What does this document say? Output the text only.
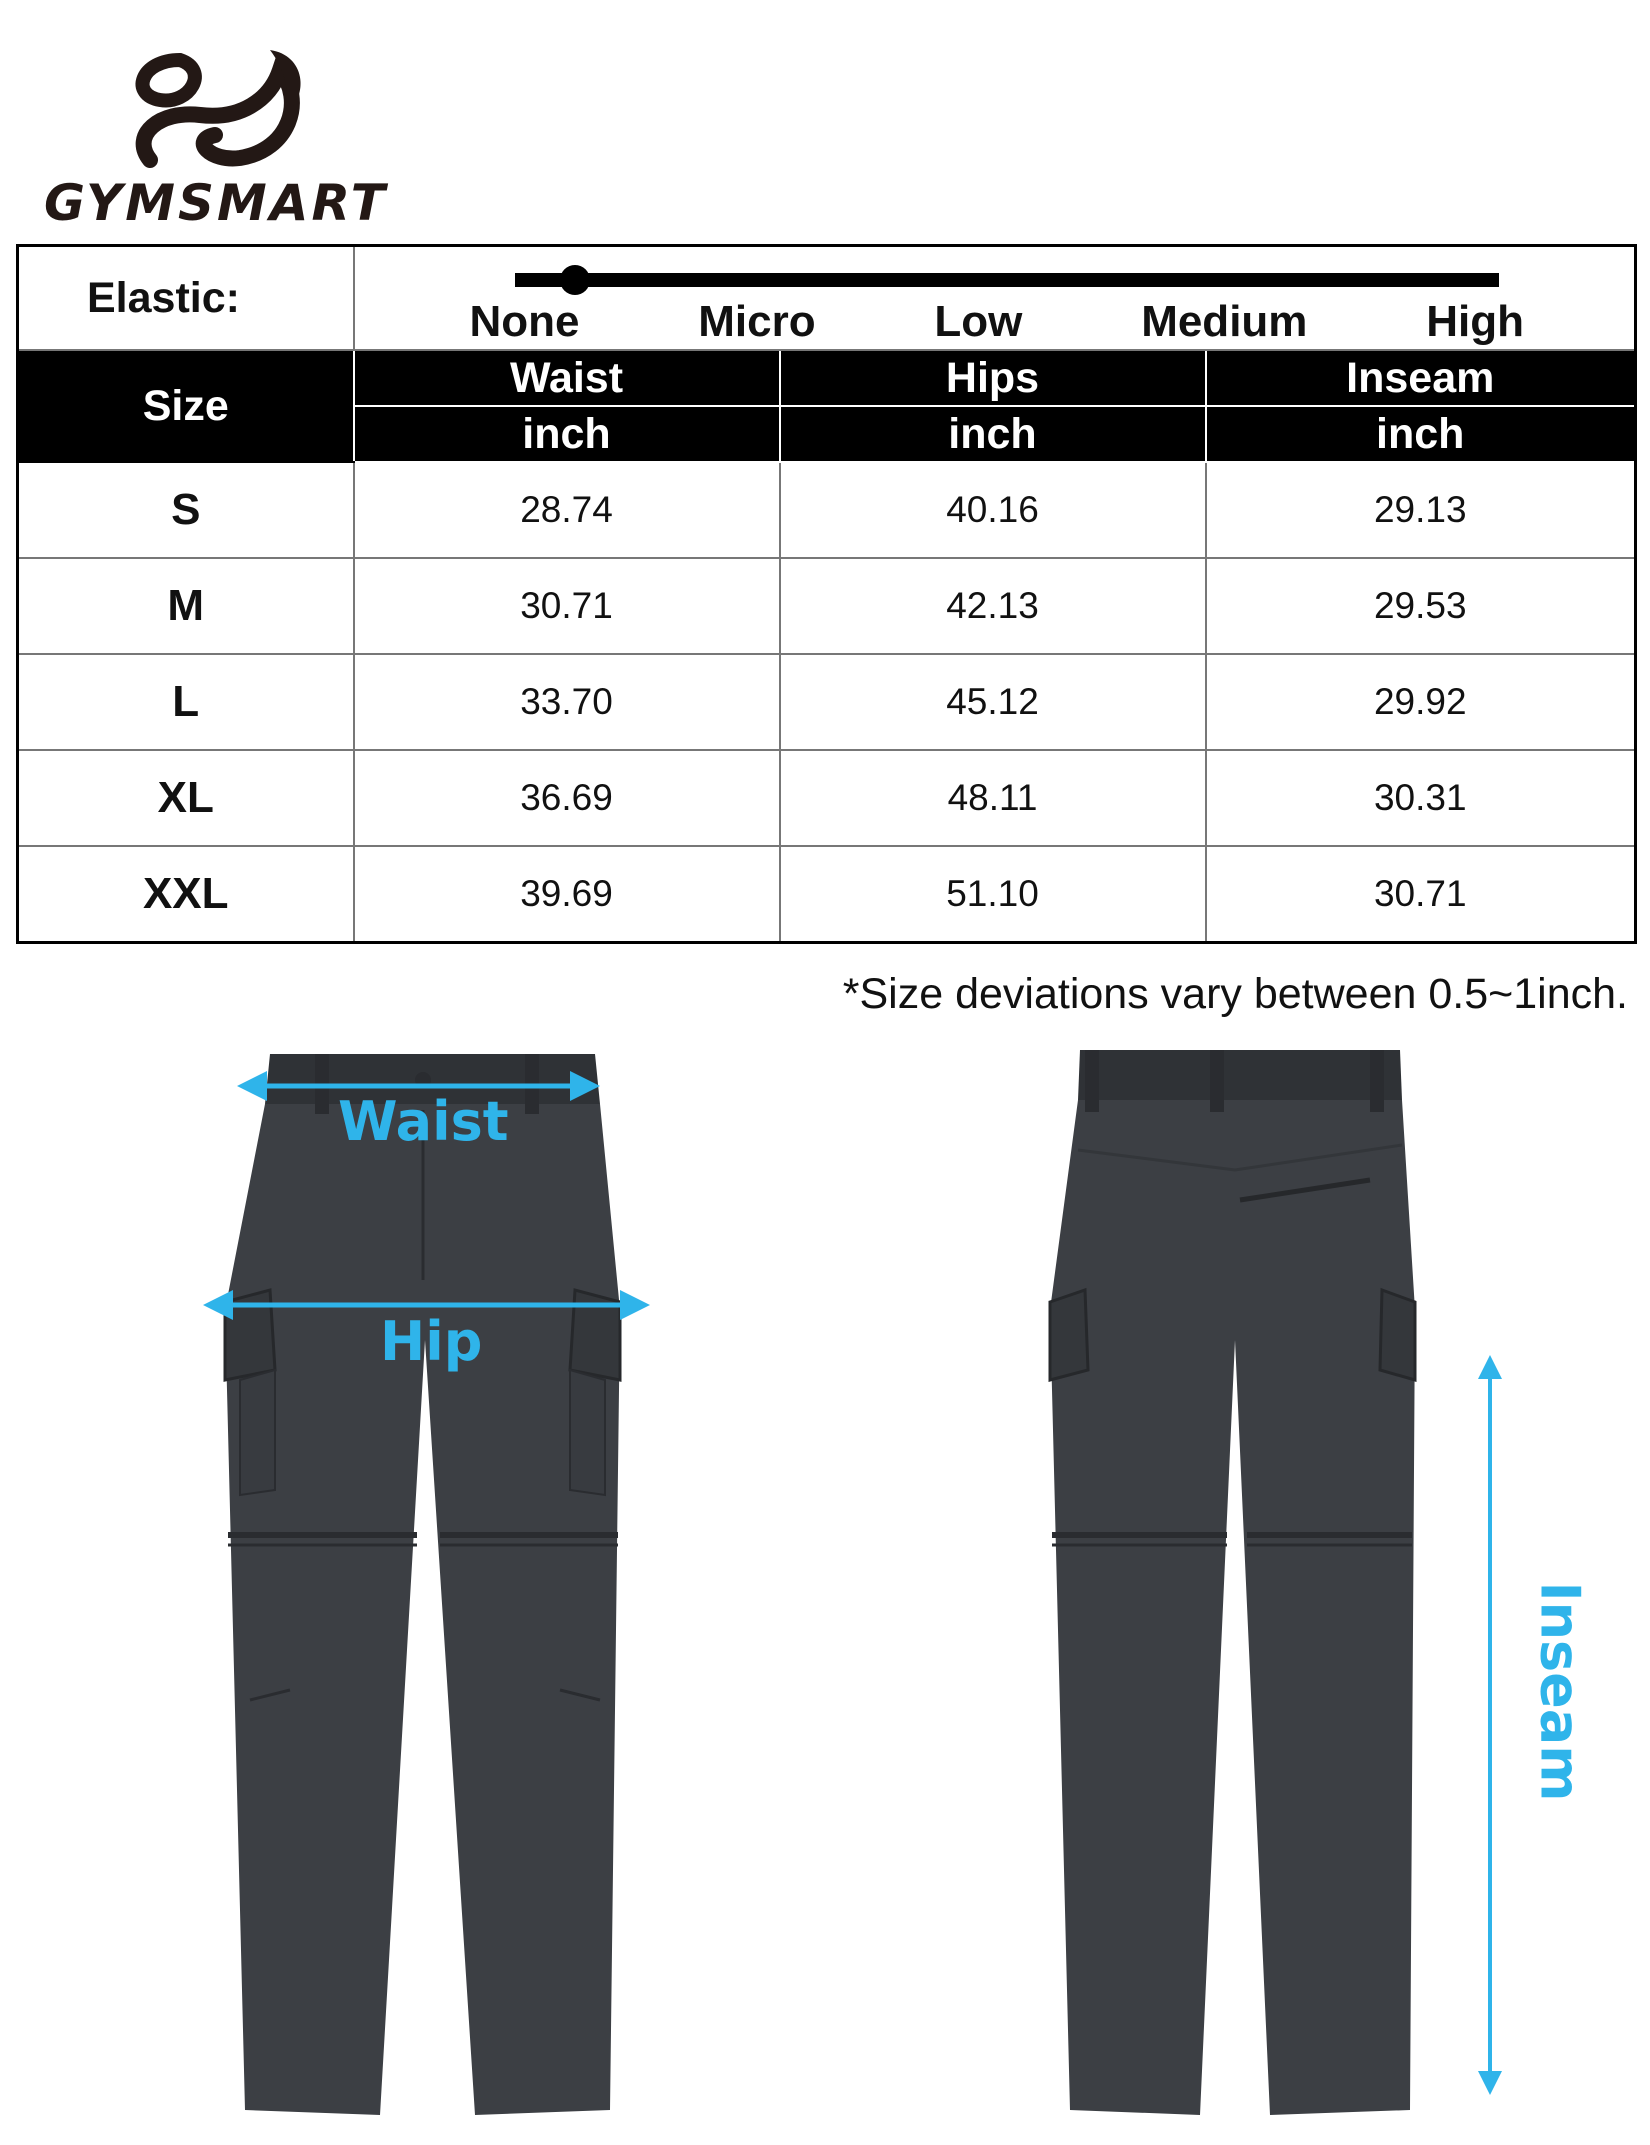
GYMSMART
Elastic:	None Micro Low Medium High		

Size	Waist	Hips	Inseam
	inch	inch	inch
S	28.74	40.16	29.13
M	30.71	42.13	29.53
L	33.70	45.12	29.92
XL	36.69	48.11	30.31
XXL	39.69	51.10	30.71
*Size deviations vary between 0.5~1inch.
Waist
Hip
Inseam
